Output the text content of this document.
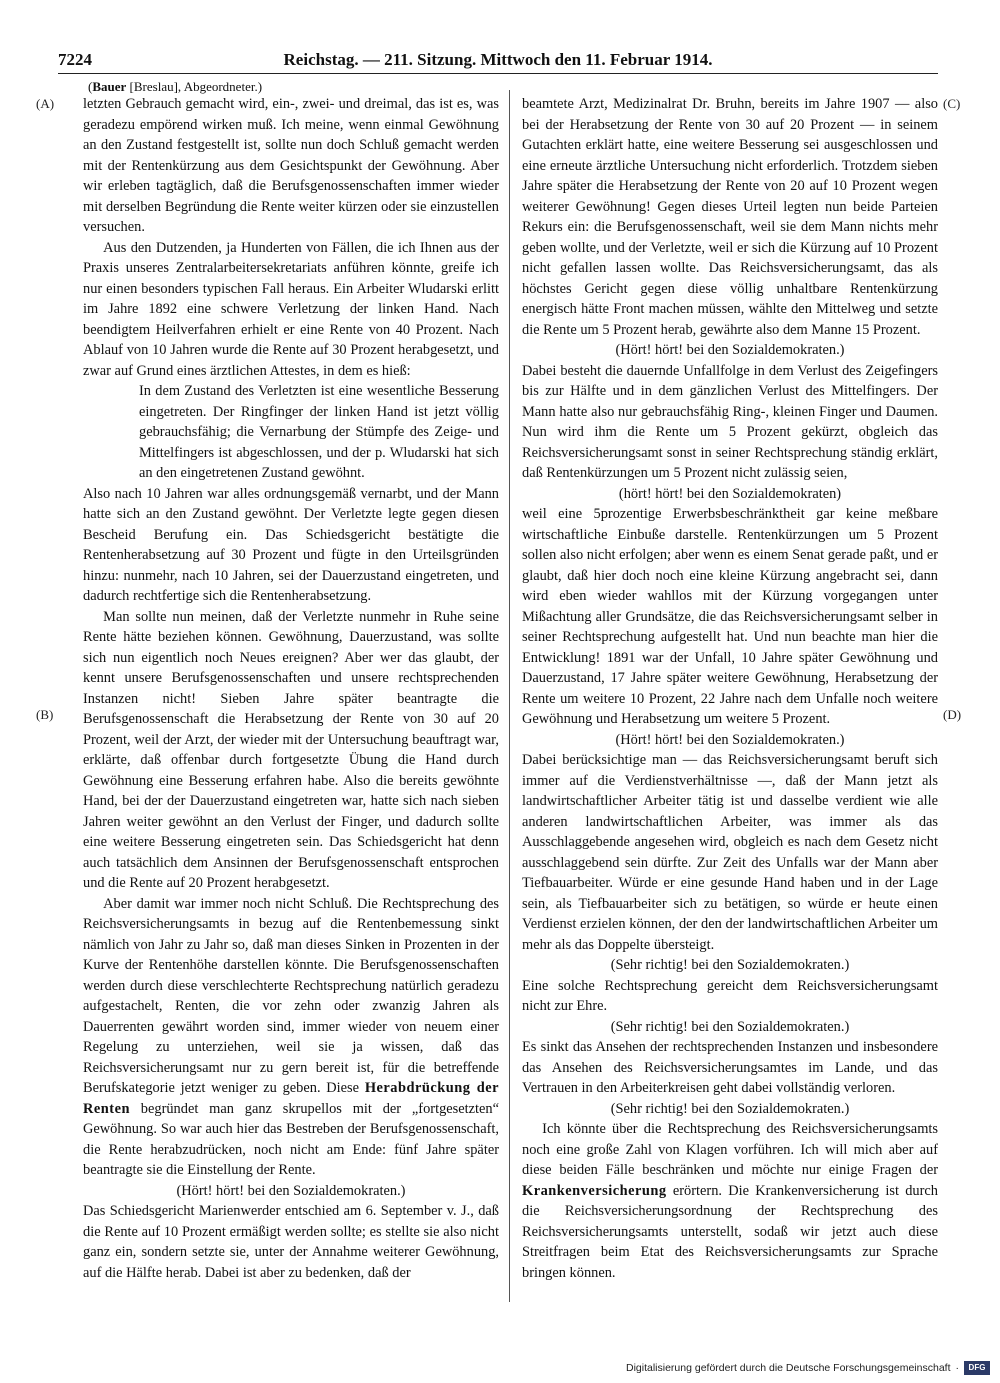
7224	Reichstag. — 211. Sitzung. Mittwoch den 11. Februar 1914.
(Bauer [Breslau], Abgeordneter.)
(A)
(B)
(C)
(D)

letzten Gebrauch gemacht wird, ein-, zwei- und dreimal, das ist es, was geradezu empörend wirken muß. Ich meine, wenn einmal Gewöhnung an den Zustand festgestellt ist, sollte nun doch Schluß gemacht werden mit der Rentenkürzung aus dem Gesichtspunkt der Gewöhnung. Aber wir erleben tagtäglich, daß die Berufsgenossenschaften immer wieder mit derselben Begründung die Rente weiter kürzen oder sie einzustellen versuchen.

Aus den Dutzenden, ja Hunderten von Fällen, die ich Ihnen aus der Praxis unseres Zentralarbeitersekretariats anführen könnte, greife ich nur einen besonders typischen Fall heraus. Ein Arbeiter Wludarski erlitt im Jahre 1892 eine schwere Verletzung der linken Hand. Nach beendigtem Heilverfahren erhielt er eine Rente von 40 Prozent. Nach Ablauf von 10 Jahren wurde die Rente auf 30 Prozent herabgesetzt, und zwar auf Grund eines ärztlichen Attestes, in dem es hieß:

In dem Zustand des Verletzten ist eine wesentliche Besserung eingetreten. Der Ringfinger der linken Hand ist jetzt völlig gebrauchsfähig; die Vernarbung der Stümpfe des Zeige- und Mittelfingers ist abgeschlossen, und der p. Wludarski hat sich an den eingetretenen Zustand gewöhnt.

Also nach 10 Jahren war alles ordnungsgemäß vernarbt, und der Mann hatte sich an den Zustand gewöhnt. Der Verletzte legte gegen diesen Bescheid Berufung ein. Das Schiedsgericht bestätigte die Rentenherabsetzung auf 30 Prozent und fügte in den Urteilsgründen hinzu: nunmehr, nach 10 Jahren, sei der Dauerzustand eingetreten, und dadurch rechtfertige sich die Rentenherabsetzung.

Man sollte nun meinen, daß der Verletzte nunmehr in Ruhe seine Rente hätte beziehen können. Gewöhnung, Dauerzustand, was sollte sich nun eigentlich noch Neues ereignen? Aber wer das glaubt, der kennt unsere Berufsgenossenschaften und unsere rechtsprechenden Instanzen nicht! Sieben Jahre später beantragte die Berufsgenossenschaft die Herabsetzung der Rente von 30 auf 20 Prozent, weil der Arzt, der wieder mit der Untersuchung beauftragt war, erklärte, daß offenbar durch fortgesetzte Übung die Hand durch Gewöhnung eine Besserung erfahren habe. Also die bereits gewöhnte Hand, bei der der Dauerzustand eingetreten war, hatte sich nach sieben Jahren weiter gewöhnt an den Verlust der Finger, und dadurch sollte eine weitere Besserung eingetreten sein. Das Schiedsgericht hat denn auch tatsächlich dem Ansinnen der Berufsgenossenschaft entsprochen und die Rente auf 20 Prozent herabgesetzt.

Aber damit war immer noch nicht Schluß. Die Rechtsprechung des Reichsversicherungsamts in bezug auf die Rentenbemessung sinkt nämlich von Jahr zu Jahr so, daß man dieses Sinken in Prozenten in der Kurve der Rentenhöhe darstellen könnte. Die Berufsgenossenschaften werden durch diese verschlechterte Rechtsprechung natürlich geradezu aufgestachelt, Renten, die vor zehn oder zwanzig Jahren als Dauerrenten gewährt worden sind, immer wieder von neuem einer Regelung zu unterziehen, weil sie ja wissen, daß das Reichsversicherungsamt nur zu gern bereit ist, für die betreffende Berufskategorie jetzt weniger zu geben. Diese Herabdrückung der Renten begründet man ganz skrupellos mit der „fortgesetzten“ Gewöhnung. So war auch hier das Bestreben der Berufsgenossenschaft, die Rente herabzudrücken, noch nicht am Ende: fünf Jahre später beantragte sie die Einstellung der Rente.

(Hört! hört! bei den Sozialdemokraten.)

Das Schiedsgericht Marienwerder entschied am 6. September v. J., daß die Rente auf 10 Prozent ermäßigt werden sollte; es stellte sie also nicht ganz ein, sondern setzte sie, unter der Annahme weiterer Gewöhnung, auf die Hälfte herab. Dabei ist aber zu bedenken, daß der

beamtete Arzt, Medizinalrat Dr. Bruhn, bereits im Jahre 1907 — also bei der Herabsetzung der Rente von 30 auf 20 Prozent — in seinem Gutachten erklärt hatte, eine weitere Besserung sei ausgeschlossen und eine erneute ärztliche Untersuchung nicht erforderlich. Trotzdem sieben Jahre später die Herabsetzung der Rente von 20 auf 10 Prozent wegen weiterer Gewöhnung! Gegen dieses Urteil legten nun beide Parteien Rekurs ein: die Berufsgenossenschaft, weil sie dem Mann nichts mehr geben wollte, und der Verletzte, weil er sich die Kürzung auf 10 Prozent nicht gefallen lassen wollte. Das Reichsversicherungsamt, das als höchstes Gericht gegen diese völlig unhaltbare Rentenkürzung energisch hätte Front machen müssen, wählte den Mittelweg und setzte die Rente um 5 Prozent herab, gewährte also dem Manne 15 Prozent.

(Hört! hört! bei den Sozialdemokraten.)

Dabei besteht die dauernde Unfallfolge in dem Verlust des Zeigefingers bis zur Hälfte und in dem gänzlichen Verlust des Mittelfingers. Der Mann hatte also nur gebrauchsfähig Ring-, kleinen Finger und Daumen. Nun wird ihm die Rente um 5 Prozent gekürzt, obgleich das Reichsversicherungsamt sonst in seiner Rechtsprechung ständig erklärt, daß Rentenkürzungen um 5 Prozent nicht zulässig seien,

(hört! hört! bei den Sozialdemokraten)

weil eine 5prozentige Erwerbsbeschränktheit gar keine meßbare wirtschaftliche Einbuße darstelle. Rentenkürzungen um 5 Prozent sollen also nicht erfolgen; aber wenn es einem Senat gerade paßt, und er glaubt, daß hier doch noch eine kleine Kürzung angebracht sei, dann wird eben wieder wahllos mit der Kürzung vorgegangen unter Mißachtung aller Grundsätze, die das Reichsversicherungsamt selber in seiner Rechtsprechung aufgestellt hat. Und nun beachte man hier die Entwicklung! 1891 war der Unfall, 10 Jahre später Gewöhnung und Dauerzustand, 17 Jahre später weitere Gewöhnung, Herabsetzung der Rente um weitere 10 Prozent, 22 Jahre nach dem Unfalle noch weitere Gewöhnung und Herabsetzung um weitere 5 Prozent.

(Hört! hört! bei den Sozialdemokraten.)

Dabei berücksichtige man — das Reichsversicherungsamt beruft sich immer auf die Verdienstverhältnisse —, daß der Mann jetzt als landwirtschaftlicher Arbeiter tätig ist und dasselbe verdient wie alle anderen landwirtschaftlichen Arbeiter, was immer als das Ausschlaggebende angesehen wird, obgleich es nach dem Gesetz nicht ausschlaggebend sein dürfte. Zur Zeit des Unfalls war der Mann aber Tiefbauarbeiter. Würde er eine gesunde Hand haben und in der Lage sein, als Tiefbauarbeiter sich zu betätigen, so würde er heute einen Verdienst erzielen können, der den der landwirtschaftlichen Arbeiter um mehr als das Doppelte übersteigt.

(Sehr richtig! bei den Sozialdemokraten.)

Eine solche Rechtsprechung gereicht dem Reichsversicherungsamt nicht zur Ehre.

(Sehr richtig! bei den Sozialdemokraten.)

Es sinkt das Ansehen der rechtsprechenden Instanzen und insbesondere das Ansehen des Reichsversicherungsamtes im Lande, und das Vertrauen in den Arbeiterkreisen geht dabei vollständig verloren.

(Sehr richtig! bei den Sozialdemokraten.)

Ich könnte über die Rechtsprechung des Reichsversicherungsamts noch eine große Zahl von Klagen vorführen. Ich will mich aber auf diese beiden Fälle beschränken und möchte nur einige Fragen der Krankenversicherung erörtern. Die Krankenversicherung ist durch die Reichsversicherungsordnung der Rechtsprechung des Reichsversicherungsamts unterstellt, sodaß wir jetzt auch diese Streitfragen beim Etat des Reichsversicherungsamts zur Sprache bringen können.

Digitalisierung gefördert durch die Deutsche Forschungsgemeinschaft ·	DFG
